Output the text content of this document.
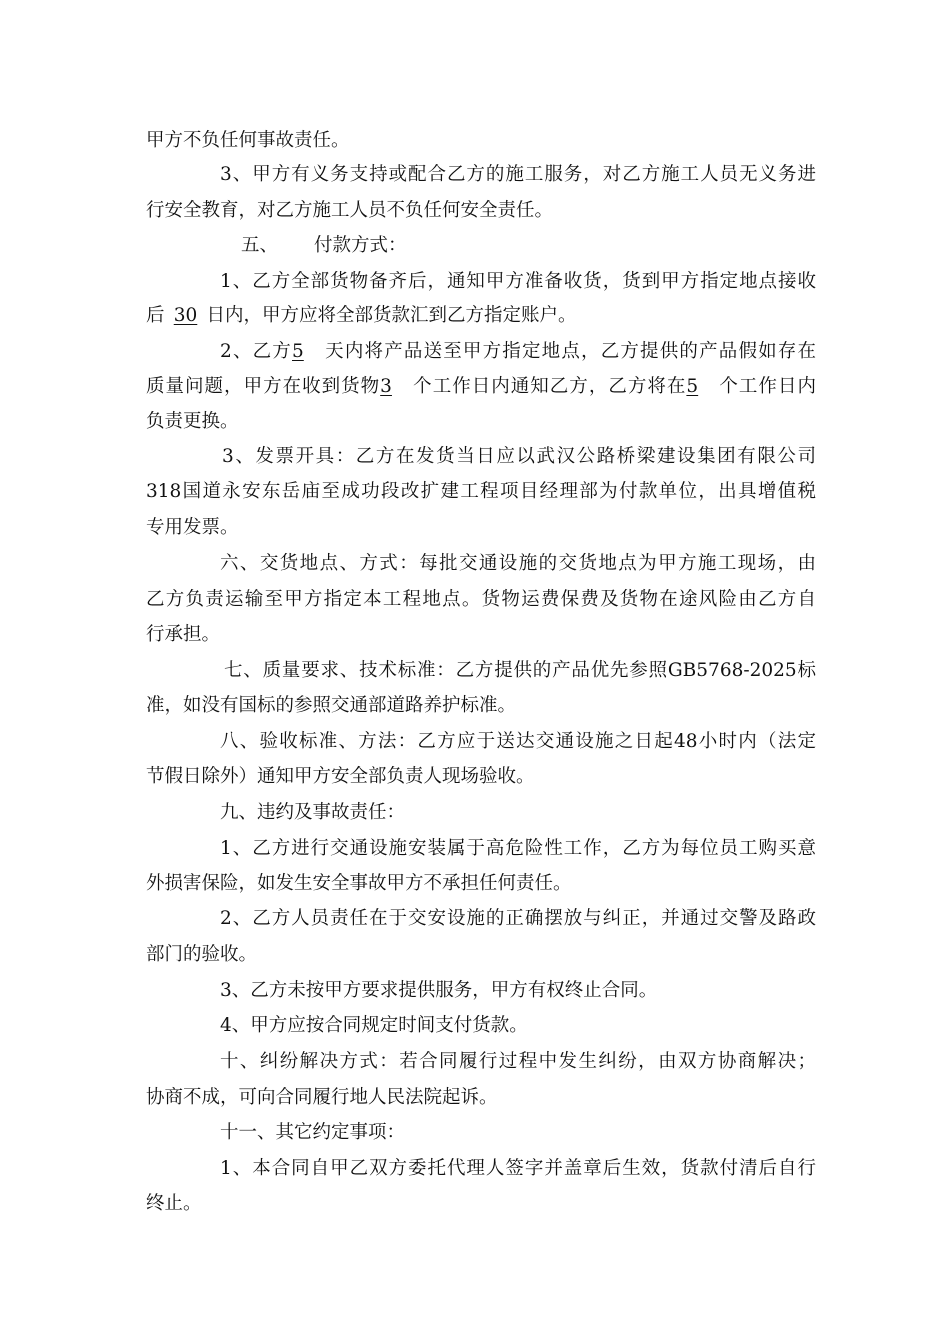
甲方不负任何事故责任。
3、甲方有义务支持或配合乙方的施工服务，对乙方施工人员无义务进
行安全教育，对乙方施工人员不负任何安全责任。
五、 付款方式：
1、乙方全部货物备齐后，通知甲方准备收货，货到甲方指定地点接收
后 30 日内，甲方应将全部货款汇到乙方指定账户。
2、乙方5 天内将产品送至甲方指定地点，乙方提供的产品假如存在
质量问题，甲方在收到货物3 个工作日内通知乙方，乙方将在5 个工作日内
负责更换。
3、发票开具：乙方在发货当日应以武汉公路桥梁建设集团有限公司
318国道永安东岳庙至成功段改扩建工程项目经理部为付款单位，出具增值税
专用发票。
六、交货地点、方式：每批交通设施的交货地点为甲方施工现场，由
乙方负责运输至甲方指定本工程地点。货物运费保费及货物在途风险由乙方自
行承担。
七、质量要求、技术标准：乙方提供的产品优先参照GB5768-2025标
准，如没有国标的参照交通部道路养护标准。
八、验收标准、方法：乙方应于送达交通设施之日起48小时内（法定
节假日除外）通知甲方安全部负责人现场验收。
九、违约及事故责任：
1、乙方进行交通设施安装属于高危险性工作，乙方为每位员工购买意
外损害保险，如发生安全事故甲方不承担任何责任。
2、乙方人员责任在于交安设施的正确摆放与纠正，并通过交警及路政
部门的验收。
3、乙方未按甲方要求提供服务，甲方有权终止合同。
4、甲方应按合同规定时间支付货款。
十、纠纷解决方式：若合同履行过程中发生纠纷，由双方协商解决；
协商不成，可向合同履行地人民法院起诉。
十一、其它约定事项：
1、本合同自甲乙双方委托代理人签字并盖章后生效，货款付清后自行
终止。
